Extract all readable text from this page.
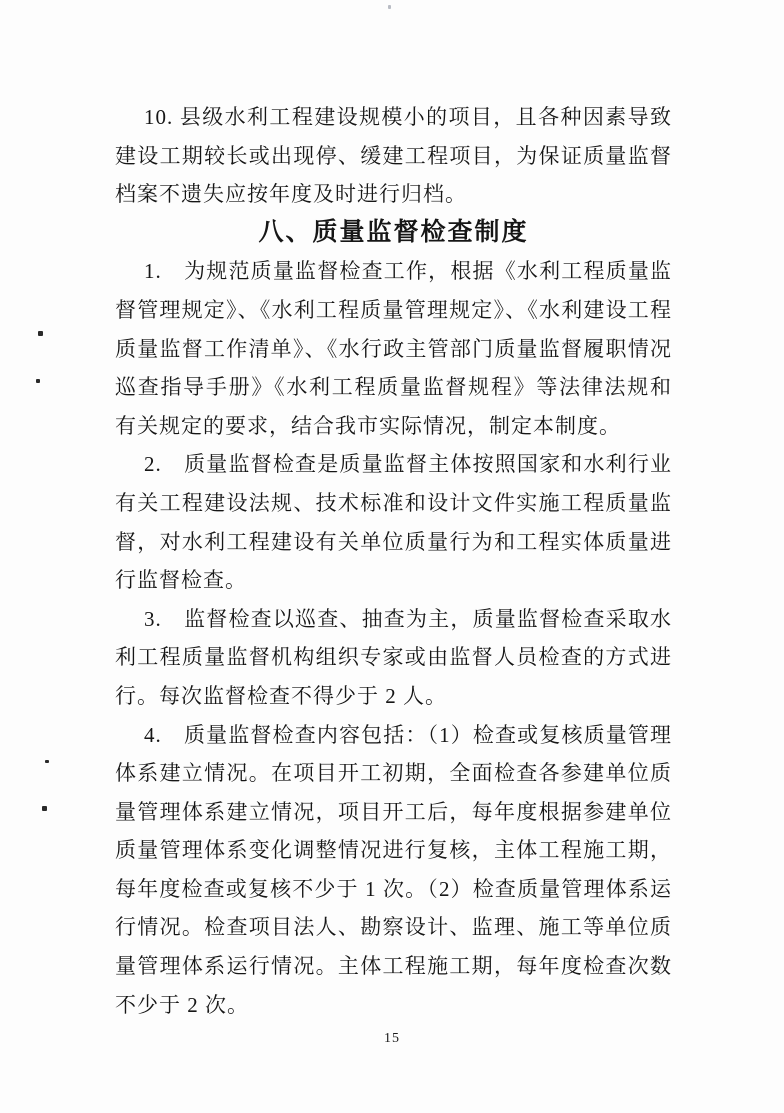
10. 县级水利工程建设规模小的项目，且各种因素导致建设工期较长或出现停、缓建工程项目，为保证质量监督档案不遗失应按年度及时进行归档。

八、质量监督检查制度

1.　为规范质量监督检查工作，根据《水利工程质量监督管理规定》、《水利工程质量管理规定》、《水利建设工程质量监督工作清单》、《水行政主管部门质量监督履职情况巡查指导手册》《水利工程质量监督规程》等法律法规和有关规定的要求，结合我市实际情况，制定本制度。

2.　质量监督检查是质量监督主体按照国家和水利行业有关工程建设法规、技术标准和设计文件实施工程质量监督，对水利工程建设有关单位质量行为和工程实体质量进行监督检查。

3.　监督检查以巡查、抽查为主，质量监督检查采取水利工程质量监督机构组织专家或由监督人员检查的方式进行。每次监督检查不得少于 2 人。

4.　质量监督检查内容包括：（1）检查或复核质量管理体系建立情况。在项目开工初期，全面检查各参建单位质量管理体系建立情况，项目开工后，每年度根据参建单位质量管理体系变化调整情况进行复核，主体工程施工期，每年度检查或复核不少于 1 次。（2）检查质量管理体系运行情况。检查项目法人、勘察设计、监理、施工等单位质量管理体系运行情况。主体工程施工期，每年度检查次数不少于 2 次。

15
